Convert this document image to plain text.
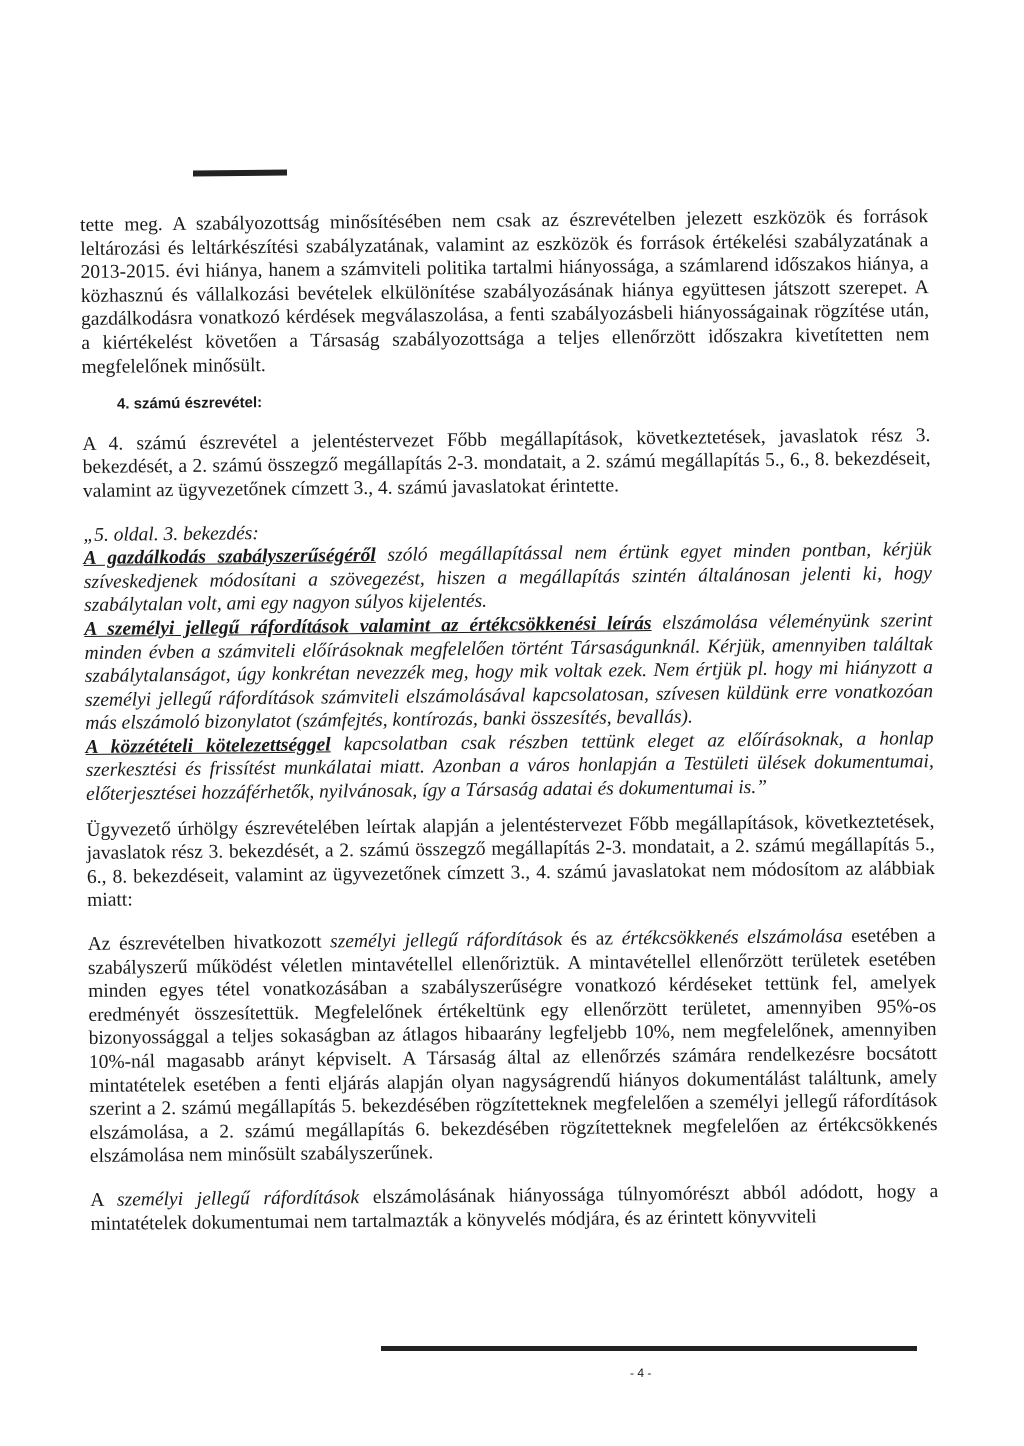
tette meg. A szabályozottság minősítésében nem csak az észrevételben jelezett eszközök és források leltározási és leltárkészítési szabályzatának, valamint az eszközök és források értékelési szabályzatának a 2013-2015. évi hiánya, hanem a számviteli politika tartalmi hiányossága, a számlarend időszakos hiánya, a közhasznú és vállalkozási bevételek elkülönítése szabályozásának hiánya együttesen játszott szerepet. A gazdálkodásra vonatkozó kérdések megválaszolása, a fenti szabályozásbeli hiányosságainak rögzítése után, a kiértékelést követően a Társaság szabályozottsága a teljes ellenőrzött időszakra kivetítetten nem megfelelőnek minősült.

4. számú észrevétel:

A 4. számú észrevétel a jelentéstervezet Főbb megállapítások, következtetések, javaslatok rész 3. bekezdését, a 2. számú összegző megállapítás 2-3. mondatait, a 2. számú megállapítás 5., 6., 8. bekezdéseit, valamint az ügyvezetőnek címzett 3., 4. számú javaslatokat érintette.

„5. oldal. 3. bekezdés:

A gazdálkodás szabályszerűségéről szóló megállapítással nem értünk egyet minden pontban, kérjük szíveskedjenek módosítani a szövegezést, hiszen a megállapítás szintén általánosan jelenti ki, hogy szabálytalan volt, ami egy nagyon súlyos kijelentés.

A személyi jellegű ráfordítások valamint az értékcsökkenési leírás elszámolása véleményünk szerint minden évben a számviteli előírásoknak megfelelően történt Társaságunknál. Kérjük, amennyiben találtak szabálytalanságot, úgy konkrétan nevezzék meg, hogy mik voltak ezek. Nem értjük pl. hogy mi hiányzott a személyi jellegű ráfordítások számviteli elszámolásával kapcsolatosan, szívesen küldünk erre vonatkozóan más elszámoló bizonylatot (számfejtés, kontírozás, banki összesítés, bevallás).

A közzétételi kötelezettséggel kapcsolatban csak részben tettünk eleget az előírásoknak, a honlap szerkesztési és frissítést munkálatai miatt. Azonban a város honlapján a Testületi ülések dokumentumai, előterjesztései hozzáférhetők, nyilvánosak, így a Társaság adatai és dokumentumai is.”

Ügyvezető úrhölgy észrevételében leírtak alapján a jelentéstervezet Főbb megállapítások, következtetések, javaslatok rész 3. bekezdését, a 2. számú összegző megállapítás 2-3. mondatait, a 2. számú megállapítás 5., 6., 8. bekezdéseit, valamint az ügyvezetőnek címzett 3., 4. számú javaslatokat nem módosítom az alábbiak miatt:

Az észrevételben hivatkozott személyi jellegű ráfordítások és az értékcsökkenés elszámolása esetében a szabályszerű működést véletlen mintavétellel ellenőriztük. A mintavétellel ellenőrzött területek esetében minden egyes tétel vonatkozásában a szabályszerűségre vonatkozó kérdéseket tettünk fel, amelyek eredményét összesítettük. Megfelelőnek értékeltünk egy ellenőrzött területet, amennyiben 95%-os bizonyossággal a teljes sokaságban az átlagos hibaarány legfeljebb 10%, nem megfelelőnek, amennyiben 10%-nál magasabb arányt képviselt. A Társaság által az ellenőrzés számára rendelkezésre bocsátott mintatételek esetében a fenti eljárás alapján olyan nagyságrendű hiányos dokumentálást találtunk, amely szerint a 2. számú megállapítás 5. bekezdésében rögzítetteknek megfelelően a személyi jellegű ráfordítások elszámolása, a 2. számú megállapítás 6. bekezdésében rögzítetteknek megfelelően az értékcsökkenés elszámolása nem minősült szabályszerűnek.

A személyi jellegű ráfordítások elszámolásának hiányossága túlnyomórészt abból adódott, hogy a mintatételek dokumentumai nem tartalmazták a könyvelés módjára, és az érintett könyvviteli

- 4 -
